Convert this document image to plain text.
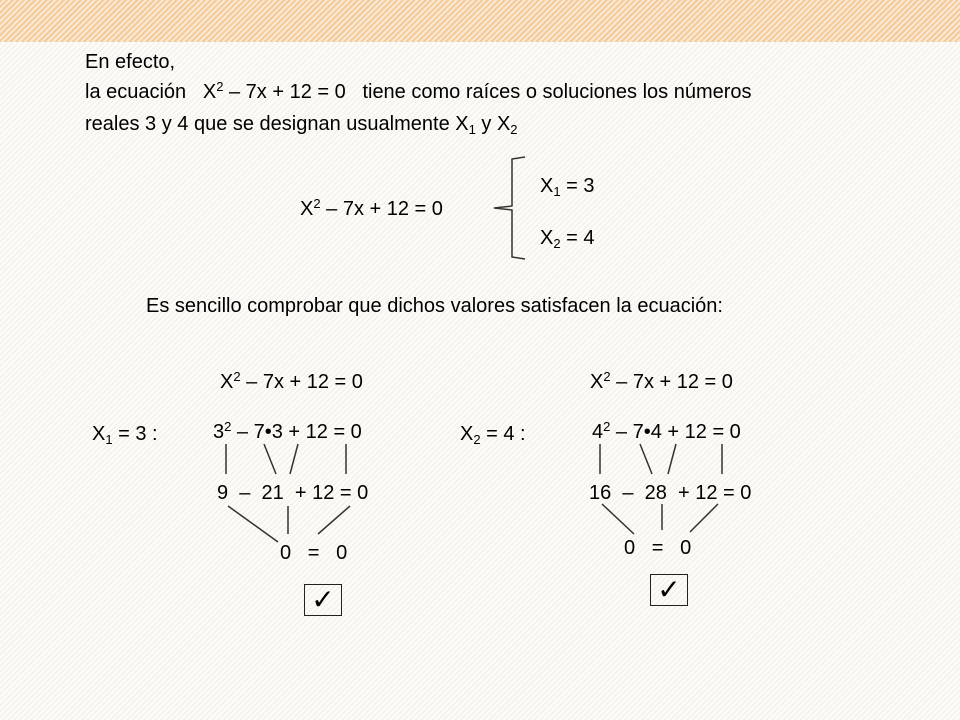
En efecto,
la ecuación $X^2 - 7x + 12 = 0$ tiene como raíces o soluciones los números
reales 3 y 4 que se designan usualmente $X_1$ y $X_2$
$X^2 - 7x + 12 = 0$
$X_1 = 3$
$X_2 = 4$
Es sencillo comprobar que dichos valores satisfacen la ecuación:
$X^2 - 7x + 12 = 0$
$X_1 = 3$ :	$3^2$ – 7•3 + 12 = 0
9  –  21  + 12 = 0
0   =   0
✓
$X^2 - 7x + 12 = 0$
$X_2 = 4$ :	$4^2$ – 7•4 + 12 = 0
16  –  28  + 12 = 0
0   =   0
✓
